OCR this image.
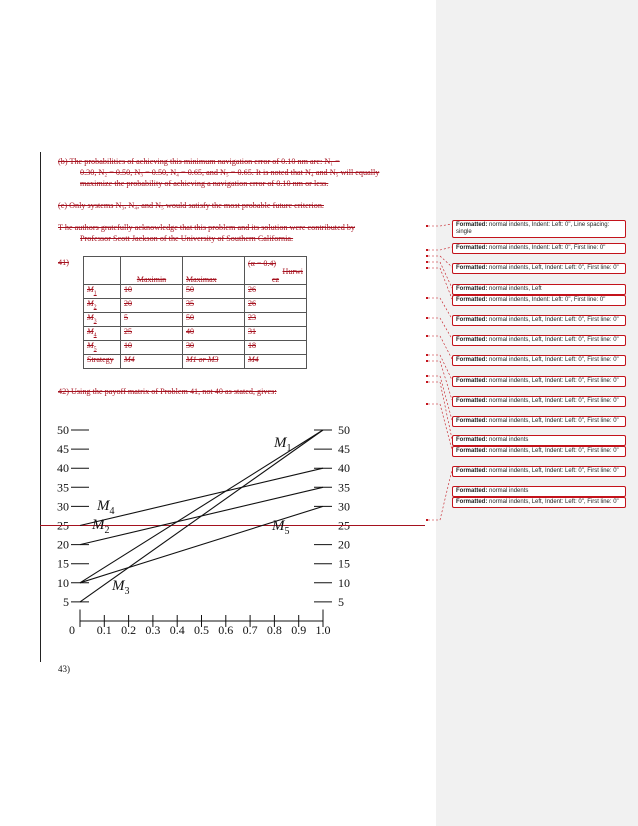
(b) The probabilities of achieving this minimum navigation error of 0.10 nm are: N₁ =
0.30, N₂ = 0.50, N₃ = 0.50, N₄ = 0.65, and N₅ = 0.65. It is noted that N₄ and N₅ will equally
maximize the probability of achieving a navigation error of 0.10 nm or less.
(c) Only systems N₃, N₄, and N₅ would satisfy the most probable future criterion.
T he authors gratefully acknowledge that this problem and its solution were contributed by
Professor Scott Jackson of the University of Southern California.
41)
	Maximin	Maximax	(α = 0.4)
Hurwi
cz

$M_1$	10	50	26
$M_2$	20	35	26
$M_3$	5	50	23
$M_4$	25	40	31
$M_5$	10	30	18
Strategy	M4	M1 or M3	M4
42) Using the payoff matrix of Problem 41, not 40 as stated, gives:
5	5
10	10
15	15
20	20
25	25
30	30
35	35
40	40
45	45
50	50
0 0.1 0.2 0.3 0.4 0.5 0.6 0.7 0.8 0.9 1.0
$M_1$
$M_2$
$M_3$
$M_4$
$M_5$
43)
Formatted: normal indents, Indent: Left: 0", Line spacing: single
Formatted: normal indents, Indent: Left: 0", First line: 0"
Formatted: normal indents, Left, Indent: Left: 0", First line: 0"
Formatted: normal indents, Left
Formatted: normal indents, Indent: Left: 0", First line: 0"
Formatted: normal indents, Left, Indent: Left: 0", First line: 0"
Formatted: normal indents, Left, Indent: Left: 0", First line: 0"
Formatted: normal indents, Left, Indent: Left: 0", First line: 0"
Formatted: normal indents, Left, Indent: Left: 0", First line: 0"
Formatted: normal indents, Left, Indent: Left: 0", First line: 0"
Formatted: normal indents, Left, Indent: Left: 0", First line: 0"
Formatted: normal indents
Formatted: normal indents, Left, Indent: Left: 0", First line: 0"
Formatted: normal indents, Left, Indent: Left: 0", First line: 0"
Formatted: normal indents
Formatted: normal indents, Left, Indent: Left: 0", First line: 0"
